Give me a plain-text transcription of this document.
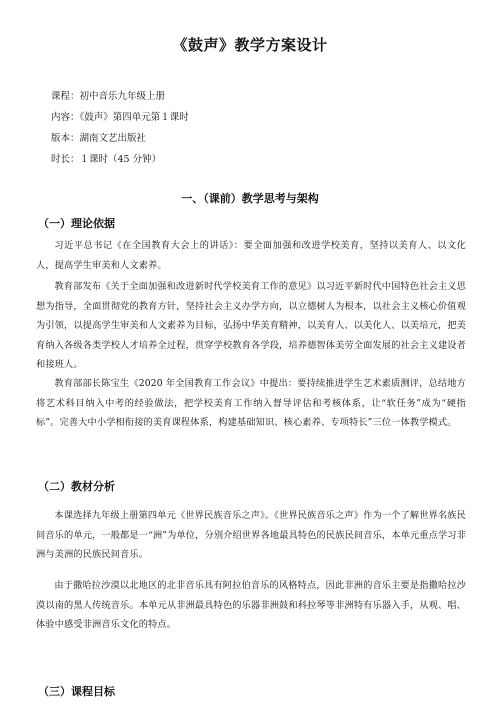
《鼓声》教学方案设计

课程：初中音乐九年级上册

内容：《鼓声》第四单元第１课时

版本：湖南文艺出版社

时长：１课时（45 分钟）

一、（课前）教学思考与架构
（一）理论依据

习近平总书记《在全国教育大会上的讲话》：要全面加强和改进学校美育，坚持以美育人、以文化人，提高学生审美和人文素养。

教育部发布《关于全面加强和改进新时代学校美育工作的意见》以习近平新时代中国特色社会主义思想为指导，全面贯彻党的教育方针，坚持社会主义办学方向，以立德树人为根本，以社会主义核心价值观为引领，以提高学生审美和人文素养为目标，弘扬中华美育精神，以美育人、以美化人、以美培元，把美育纳入各级各类学校人才培养全过程，贯穿学校教育各学段，培养德智体美劳全面发展的社会主义建设者和接班人。

教育部部长陈宝生《2020 年全国教育工作会议》中提出：要持续推进学生艺术素质测评，总结地方将艺术科目纳入中考的经验做法，把学校美育工作纳入督导评估和考核体系，让“软任务”成为“硬指标”。完善大中小学相衔接的美育课程体系，构建基础知识、核心素养、专项特长”三位一体教学模式。

（二）教材分析

本课选择九年级上册第四单元《世界民族音乐之声》。《世界民族音乐之声》作为一个了解世界名族民间音乐的单元，一般都是一“洲”为单位，分别介绍世界各地最具特色的民族民间音乐，本单元重点学习非洲与美洲的民族民间音乐。

由于撒哈拉沙漠以北地区的北非音乐具有阿拉伯音乐的风格特点，因此非洲的音乐主要是指撒哈拉沙漠以南的黑人传统音乐。本单元从非洲最具特色的乐器非洲鼓和科拉琴等非洲特有乐器入手，从观、唱、体验中感受非洲音乐文化的特点。

（三）课程目标
